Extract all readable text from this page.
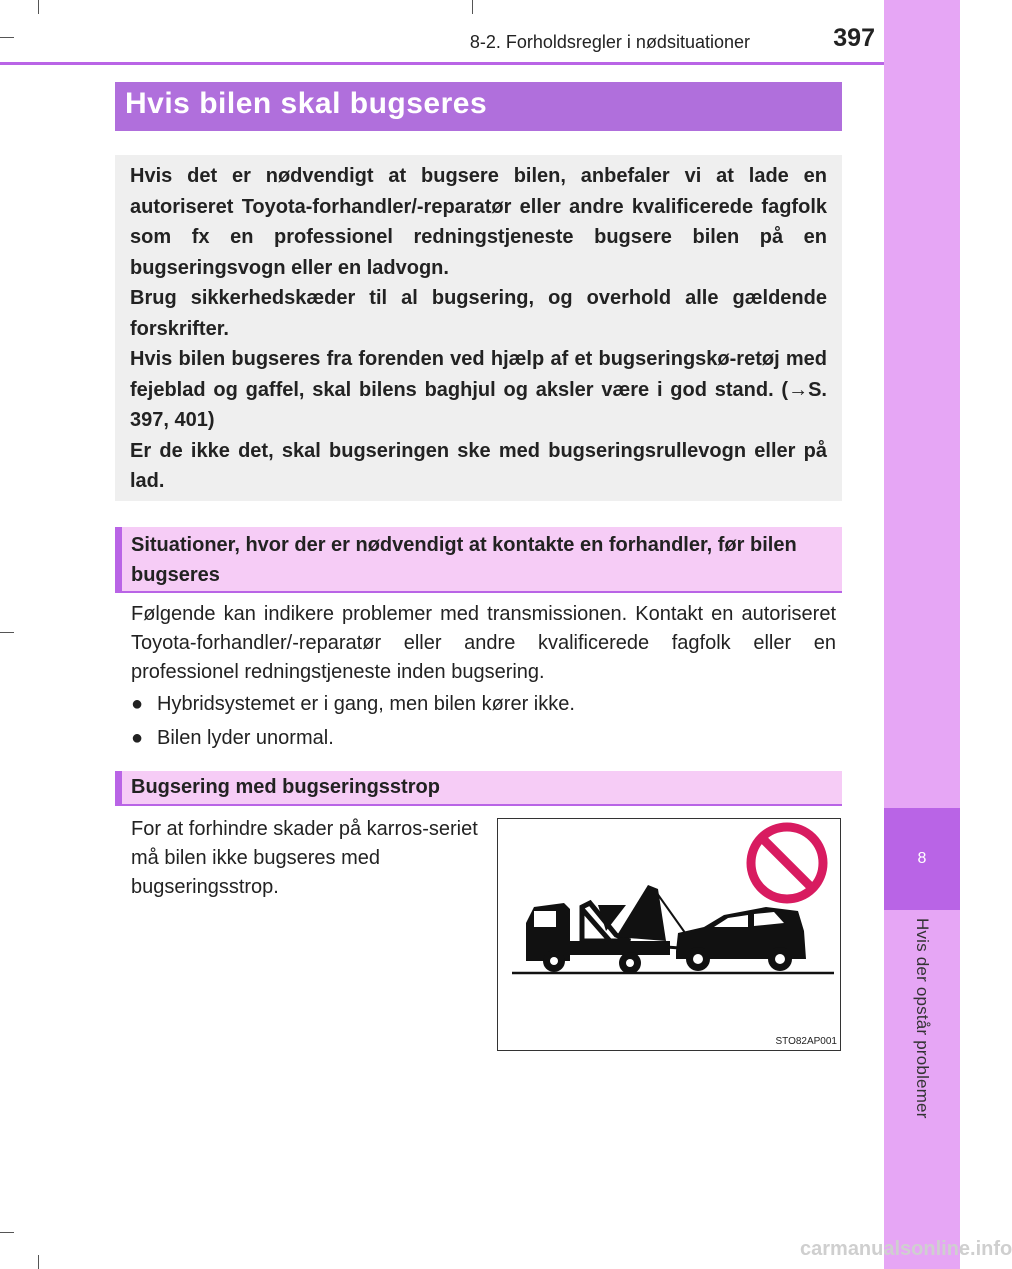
8
Hvis der opstår problemer
8-2. Forholdsregler i nødsituationer	397
Hvis bilen skal bugseres

Hvis det er nødvendigt at bugsere bilen, anbefaler vi at lade en autoriseret Toyota-forhandler/-reparatør eller andre kvalificerede fagfolk som fx en professionel redningstjeneste bugsere bilen på en bugseringsvogn eller en ladvogn.

Brug sikkerhedskæder til al bugsering, og overhold alle gældende forskrifter.

Hvis bilen bugseres fra forenden ved hjælp af et bugseringskø-retøj med fejeblad og gaffel, skal bilens baghjul og aksler være i god stand. (→S. 397, 401)

Er de ikke det, skal bugseringen ske med bugseringsrullevogn eller på lad.

Situationer, hvor der er nødvendigt at kontakte en forhandler, før bilen bugseres

Følgende kan indikere problemer med transmissionen. Kontakt en autoriseret Toyota-forhandler/-reparatør eller andre kvalificerede fagfolk eller en professionel redningstjeneste inden bugsering.

● Hybridsystemet er i gang, men bilen kører ikke.
● Bilen lyder unormal.
Bugsering med bugseringsstrop

For at forhindre skader på karros-seriet må bilen ikke bugseres med bugseringsstrop.

STO82AP001
carmanualsonline.info
